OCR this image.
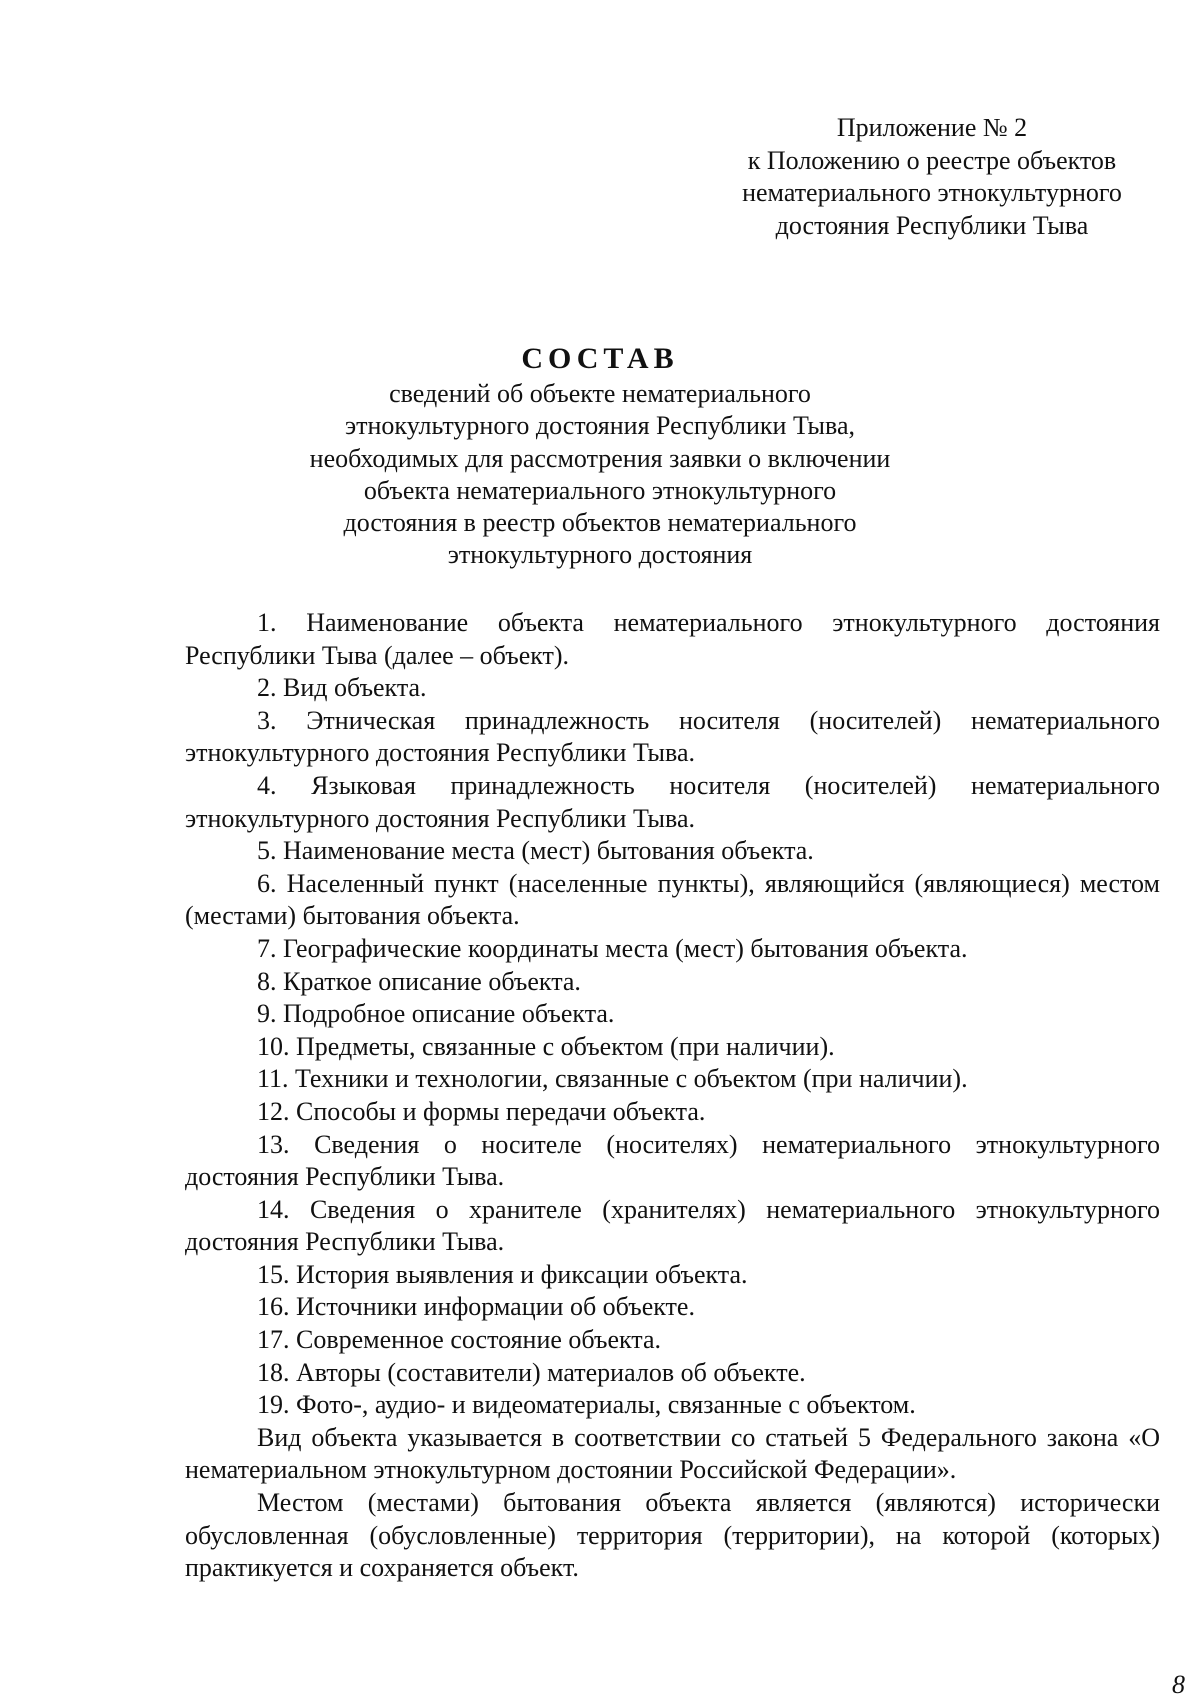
Приложение № 2
к Положению о реестре объектов
нематериального этнокультурного
достояния Республики Тыва
СОСТАВ
сведений об объекте нематериального
этнокультурного достояния Республики Тыва,
необходимых для рассмотрения заявки о включении
объекта нематериального этнокультурного
достояния в реестр объектов нематериального
этнокультурного достояния

1. Наименование объекта нематериального этнокультурного достояния Республики Тыва (далее – объект).

2. Вид объекта.

3. Этническая принадлежность носителя (носителей) нематериального этнокультурного достояния Республики Тыва.

4. Языковая принадлежность носителя (носителей) нематериального этнокультурного достояния Республики Тыва.

5. Наименование места (мест) бытования объекта.

6. Населенный пункт (населенные пункты), являющийся (являющиеся) местом (местами) бытования объекта.

7. Географические координаты места (мест) бытования объекта.

8. Краткое описание объекта.

9. Подробное описание объекта.

10. Предметы, связанные с объектом (при наличии).

11. Техники и технологии, связанные с объектом (при наличии).

12. Способы и формы передачи объекта.

13. Сведения о носителе (носителях) нематериального этнокультурного достояния Республики Тыва.

14. Сведения о хранителе (хранителях) нематериального этнокультурного достояния Республики Тыва.

15. История выявления и фиксации объекта.

16. Источники информации об объекте.

17. Современное состояние объекта.

18. Авторы (составители) материалов об объекте.

19. Фото-, аудио- и видеоматериалы, связанные с объектом.

Вид объекта указывается в соответствии со статьей 5 Федерального закона «О нематериальном этнокультурном достоянии Российской Федерации».

Местом (местами) бытования объекта является (являются) исторически обусловленная (обусловленные) территория (территории), на которой (которых) практикуется и сохраняется объект.

8
